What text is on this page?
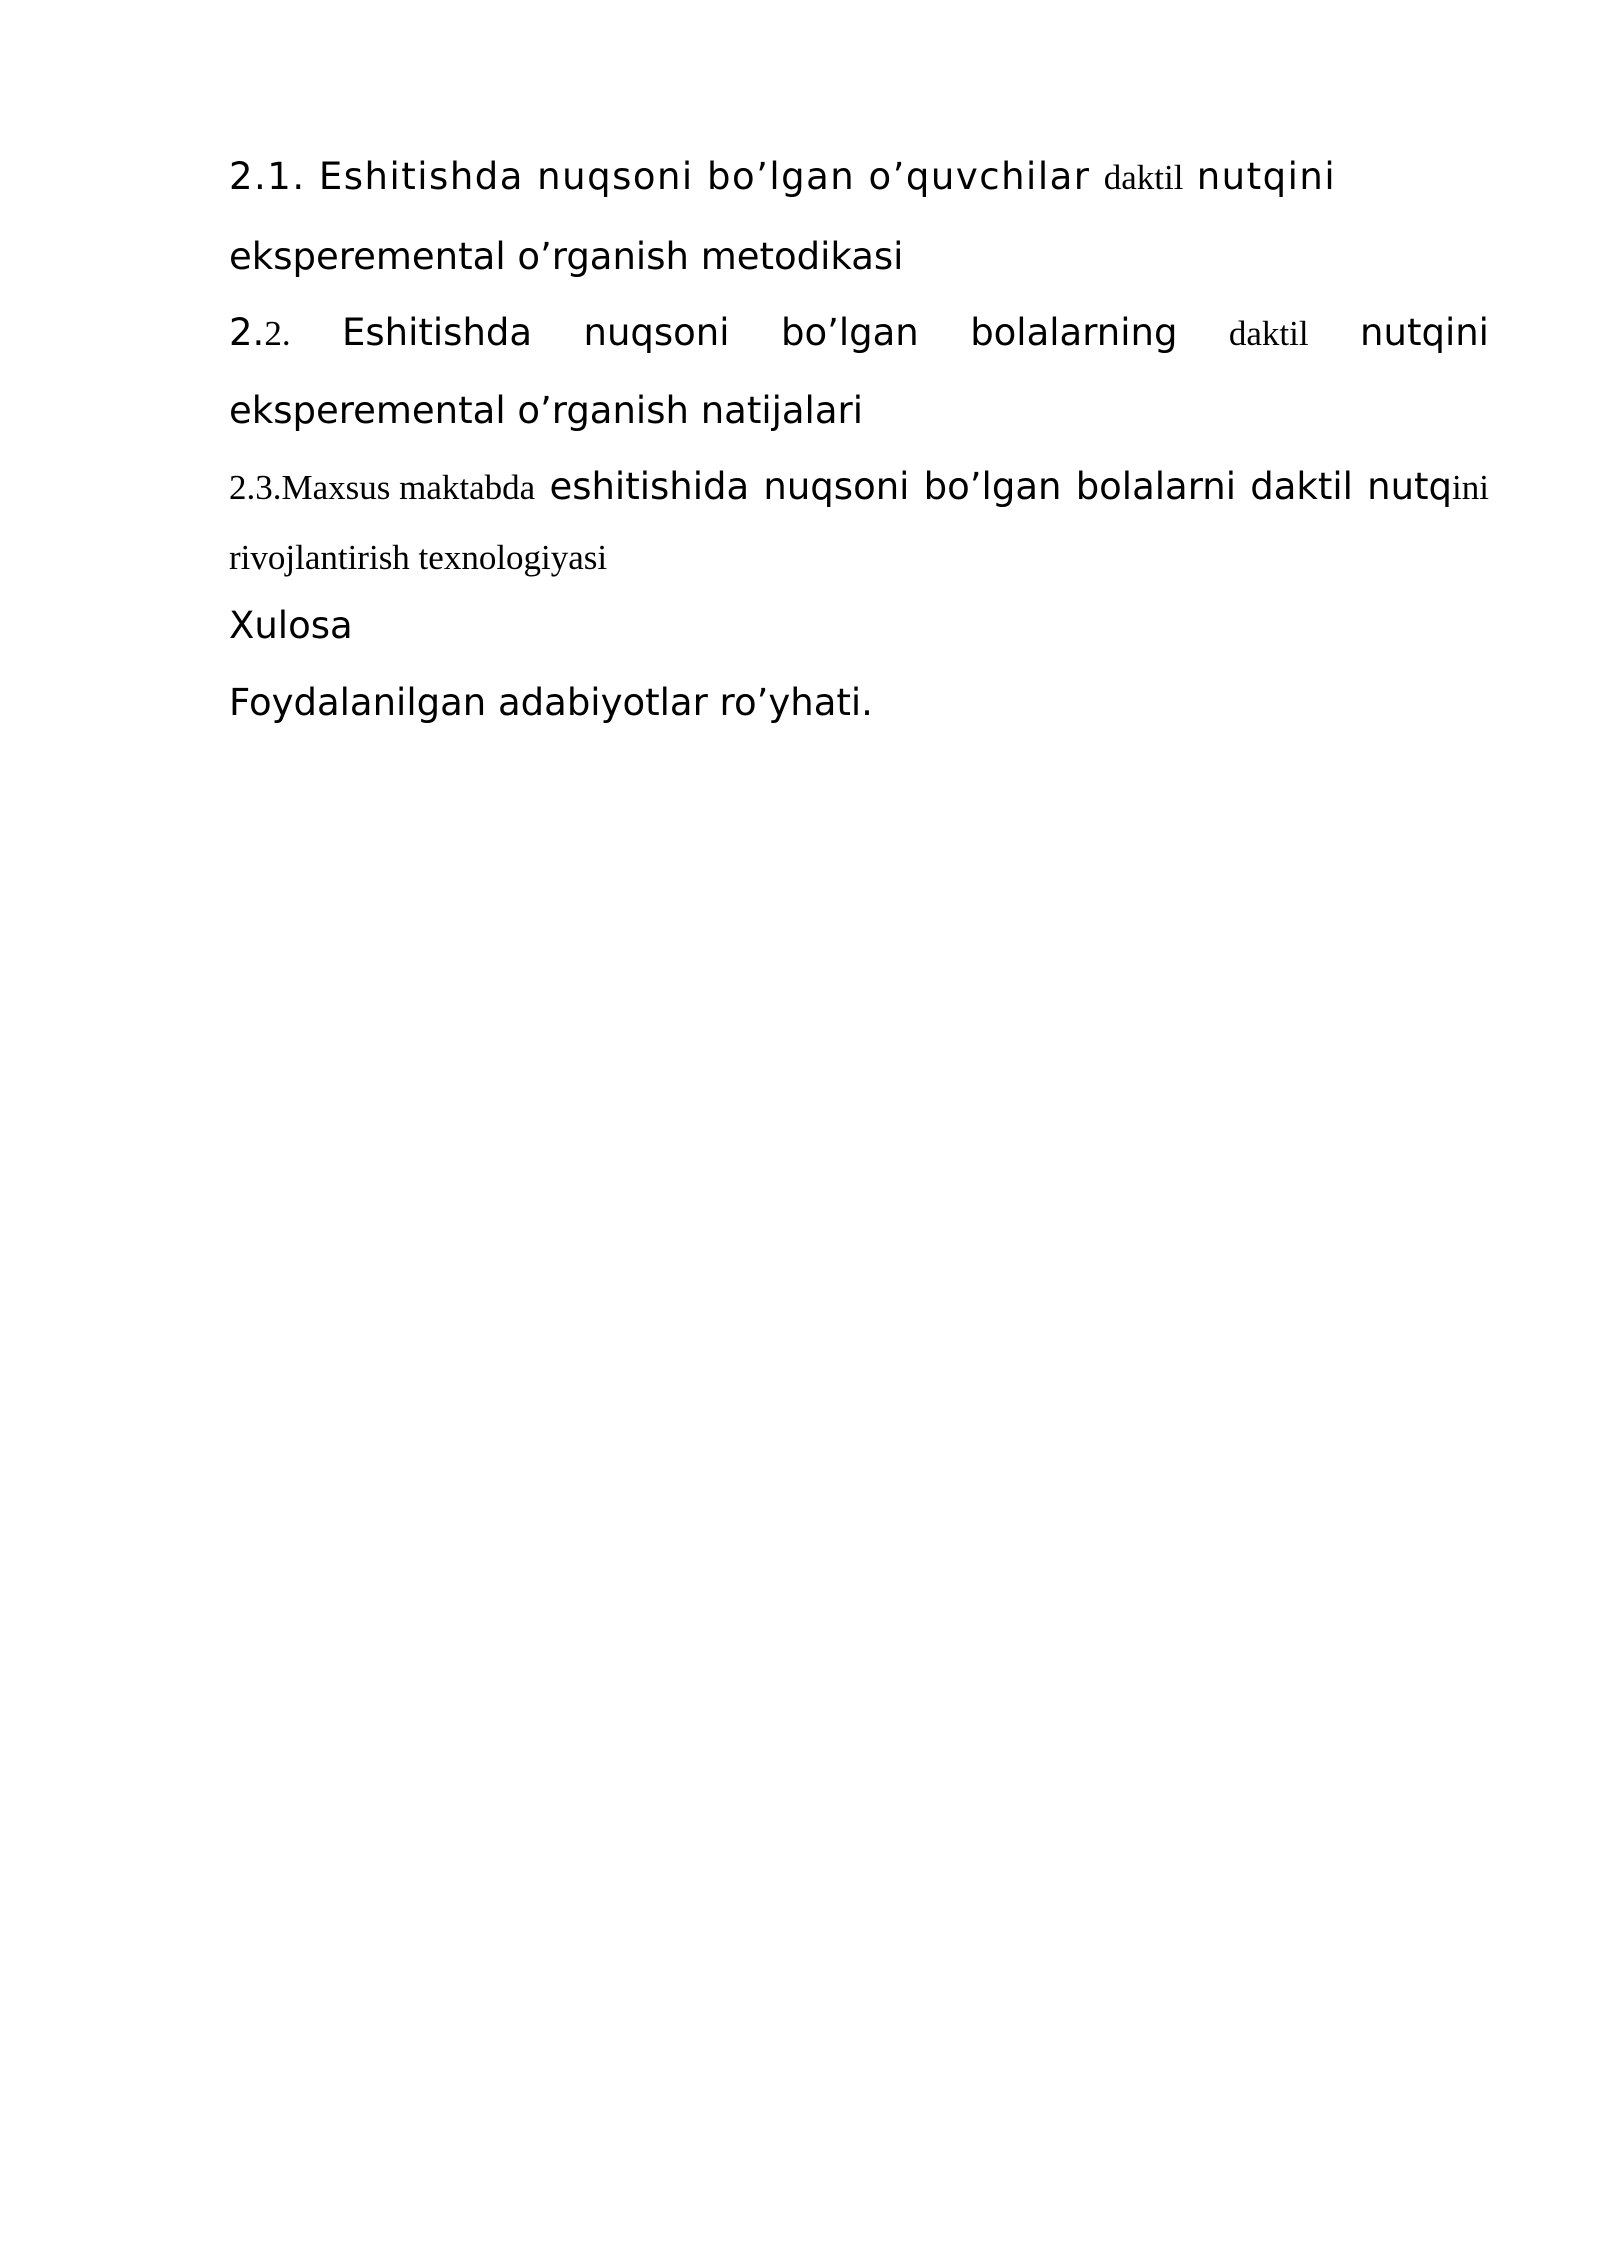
2.1. Eshitishda nuqsoni bo’lgan o’quvchilar daktil nutqini

eksperemental o’rganish metodikasi

2.2. Eshitishda nuqsoni bo’lgan bolalarning daktil nutqini

eksperemental o’rganish natijalari

2.3.Maxsus maktabda eshitishida nuqsoni bo’lgan bolalarni daktil nutqini

rivojlantirish texnologiyasi

Xulosa

Foydalanilgan adabiyotlar ro’yhati.
